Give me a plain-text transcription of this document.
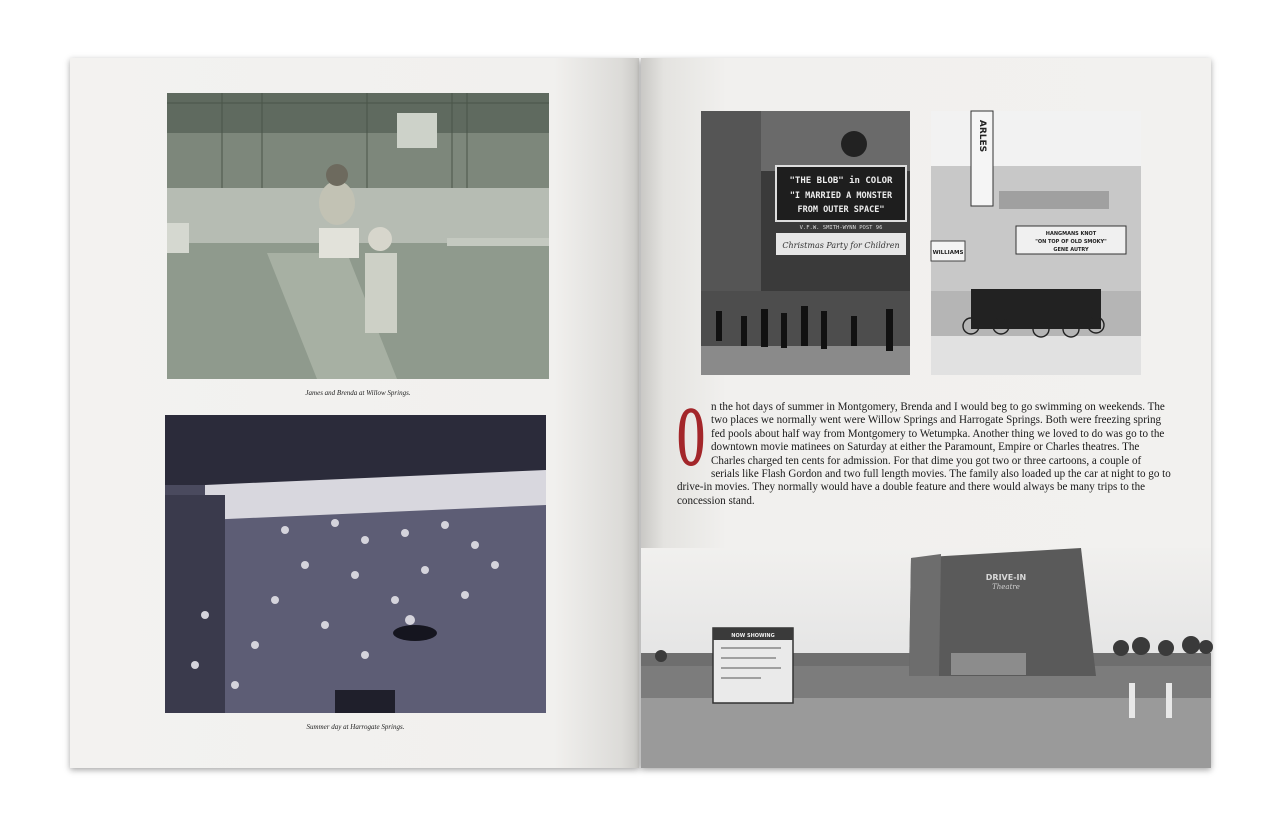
James and Brenda at Willow Springs.
Summer day at Harrogate Springs.
"THE BLOB" in COLOR
"I MARRIED A MONSTER
FROM OUTER SPACE"
V.F.W. SMITH-WYNN POST 96
Christmas Party for Children
ARLES
HANGMANS KNOT
"ON TOP OF OLD SMOKY"
GENE AUTRY
WILLIAMS

O n the hot days of summer in Montgomery, Brenda and I would beg to go swimming on weekends. The two places we normally went were Willow Springs and Harrogate Springs. Both were freezing spring fed pools about half way from Montgomery to Wetumpka. Another thing we loved to do was go to the downtown movie matinees on Saturday at either the Paramount, Empire or Charles theatres. The Charles charged ten cents for admission. For that dime you got two or three cartoons, a couple of serials like Flash Gordon and two full length movies. The family also loaded up the car at night to go to drive-in movies. They normally would have a double feature and there would always be many trips to the concession stand.

DRIVE-IN
Theatre
NOW SHOWING
